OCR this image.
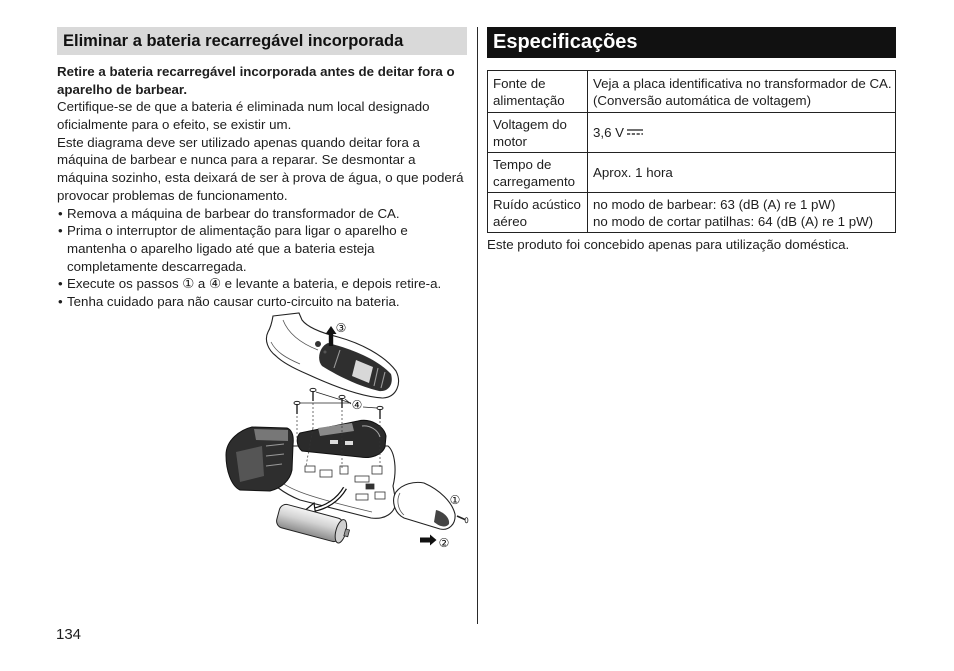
Eliminar a bateria recarregável incorporada
Retire a bateria recarregável incorporada antes de deitar fora o
aparelho de barbear.
Certifique-se de que a bateria é eliminada num local designado
oficialmente para o efeito, se existir um.
Este diagrama deve ser utilizado apenas quando deitar fora a
máquina de barbear e nunca para a reparar. Se desmontar a
máquina sozinho, esta deixará de ser à prova de água, o que poderá
provocar problemas de funcionamento.
• Remova a máquina de barbear do transformador de CA.
• Prima o interruptor de alimentação para ligar o aparelho e
mantenha o aparelho ligado até que a bateria esteja
completamente descarregada.
• Execute os passos ① a ④ e levante a bateria, e depois retire-a.
• Tenha cuidado para não causar curto-circuito na bateria.
③
④
①
②
Especificações
Fonte de
alimentação
Veja a placa identificativa no transformador de CA.
(Conversão automática de voltagem)
Voltagem do
motor
3,6 V
Tempo de
carregamento
Aprox. 1 hora
Ruído acústico
aéreo
no modo de barbear: 63 (dB (A) re 1 pW)
no modo de cortar patilhas: 64 (dB (A) re 1 pW)
Este produto foi concebido apenas para utilização doméstica.
134
